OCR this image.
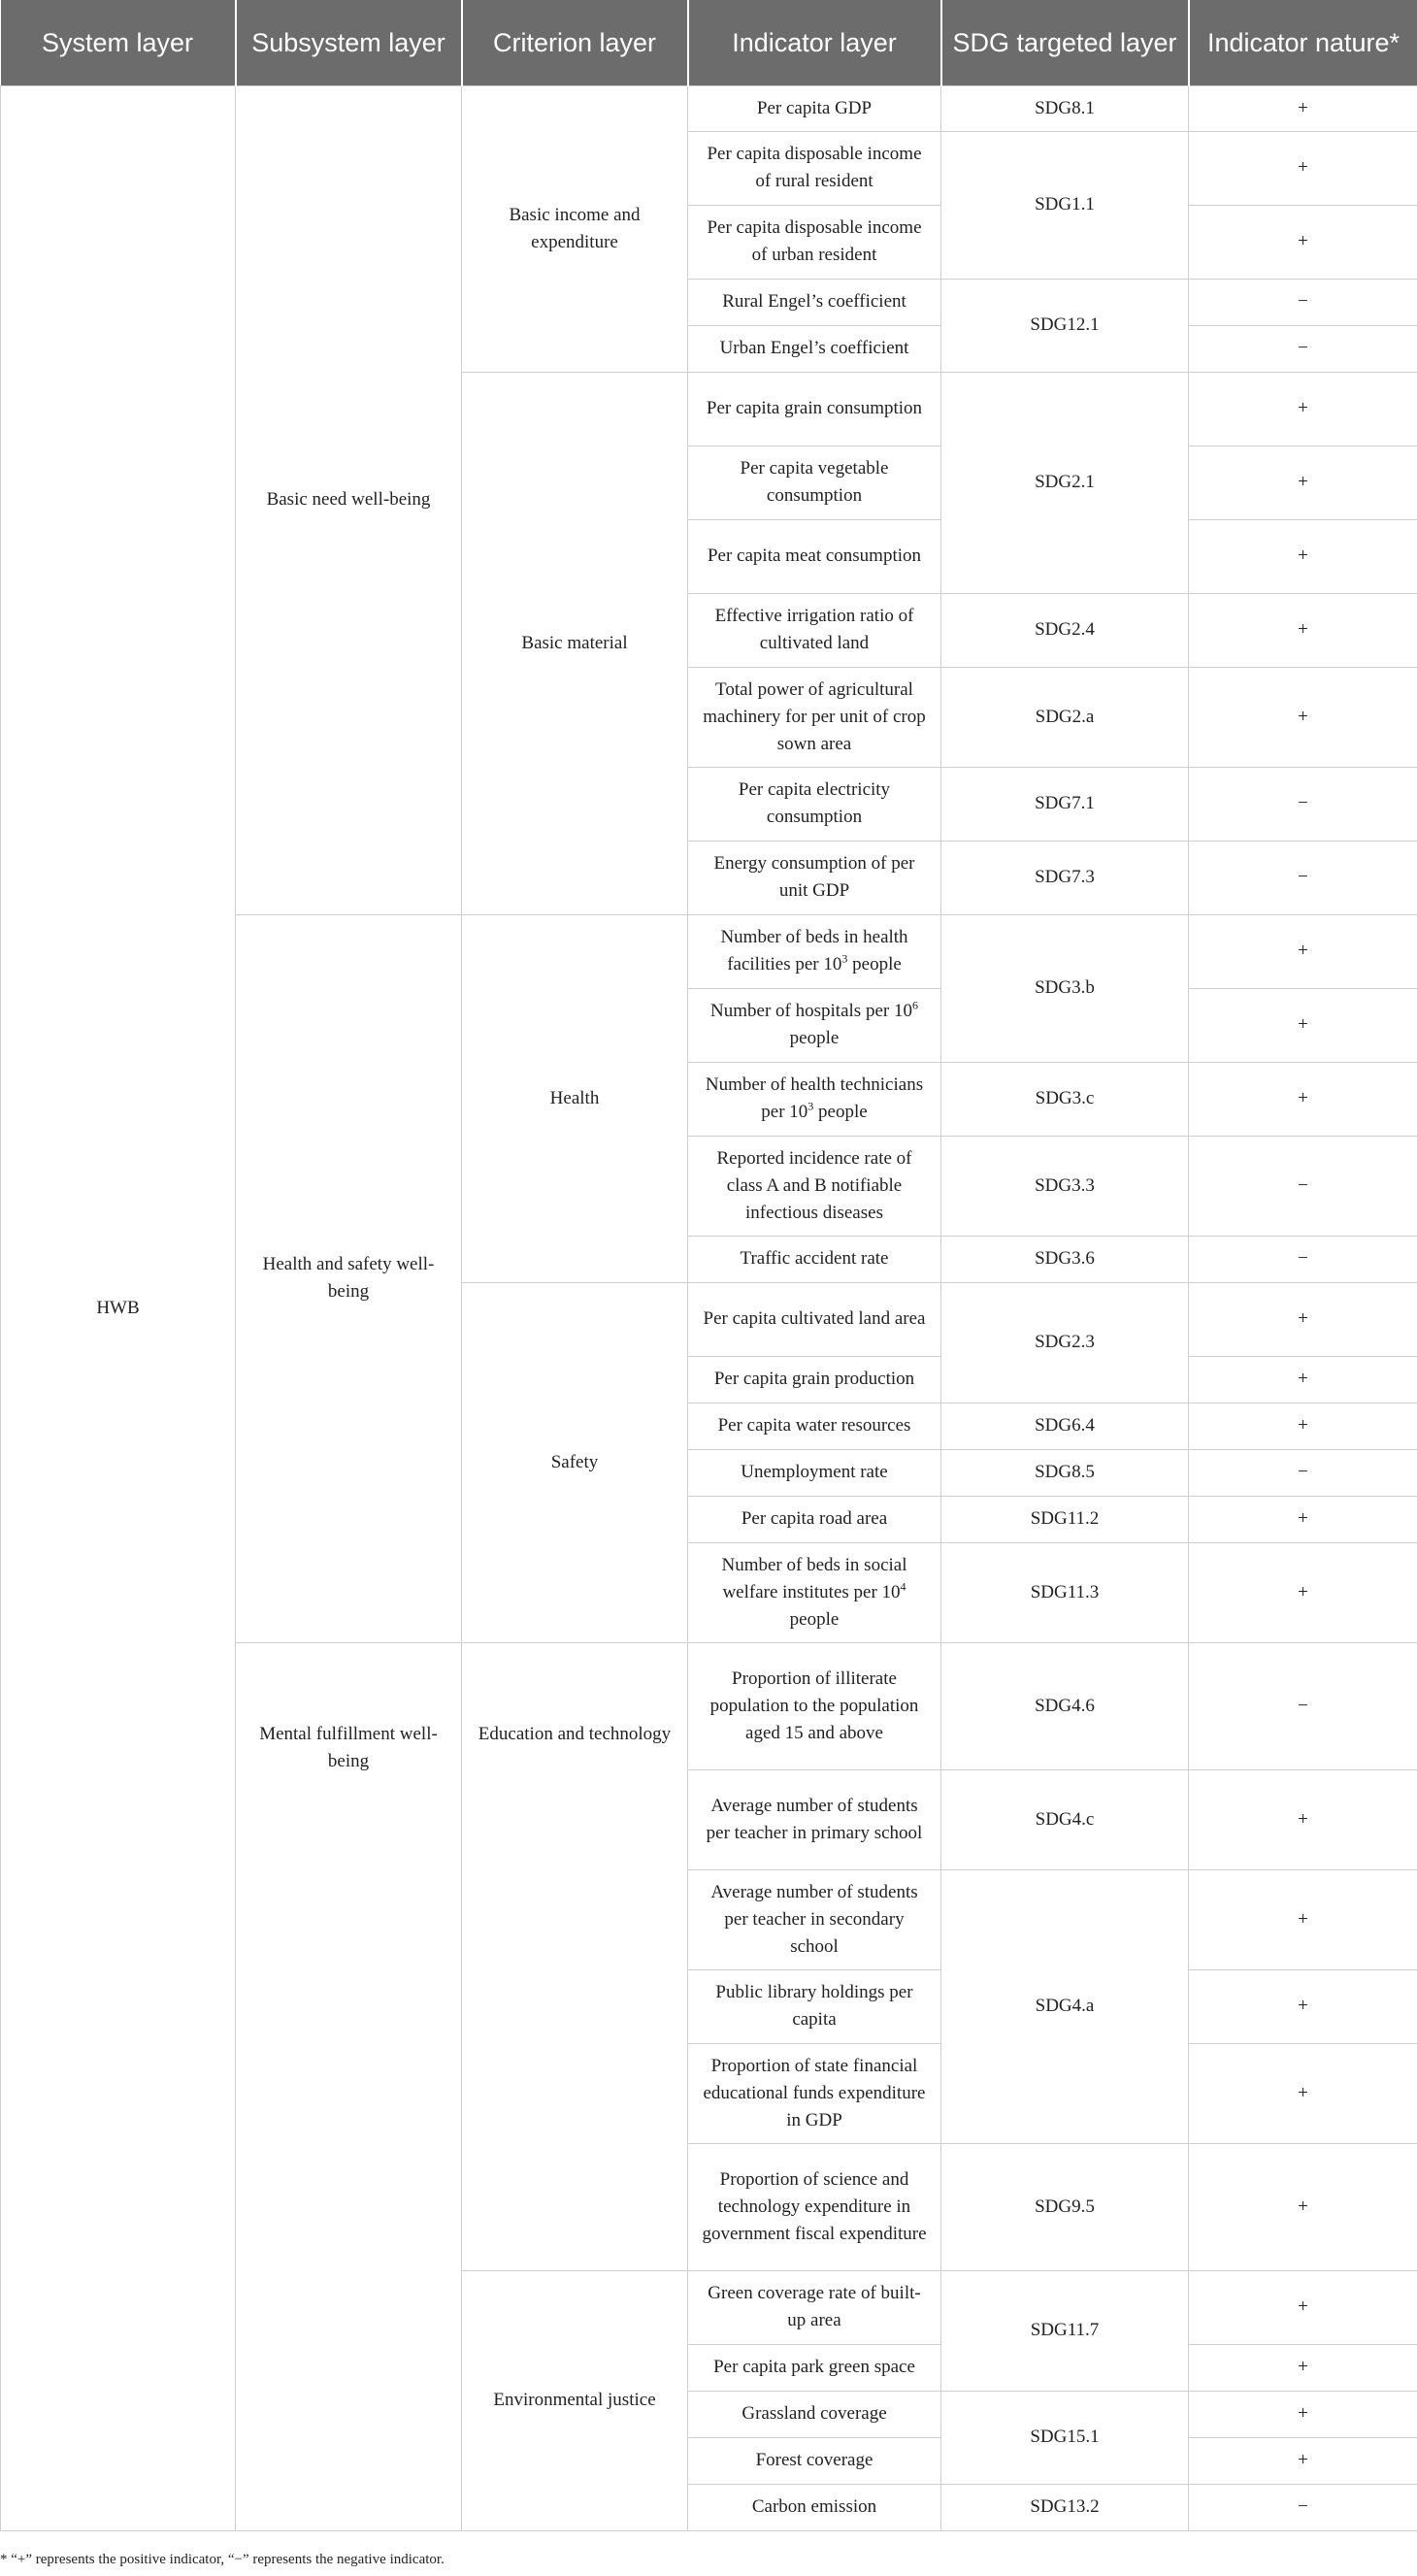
System layer	Subsystem layer	Criterion layer	Indicator layer	SDG targeted layer	Indicator nature*
HWB	Basic need well-being	Basic income and expenditure	Per capita GDP	SDG8.1	+
			Per capita disposable income of rural resident	SDG1.1	+
			Per capita disposable income of urban resident		+
			Rural Engel’s coefficient	SDG12.1	−
			Urban Engel’s coefficient		−
		Basic material	Per capita grain consumption	SDG2.1	+
			Per capita vegetable consumption		+
			Per capita meat consumption		+
			Effective irrigation ratio of cultivated land	SDG2.4	+
			Total power of agricultural machinery for per unit of crop sown area	SDG2.a	+
			Per capita electricity consumption	SDG7.1	−
			Energy consumption of per unit GDP	SDG7.3	−
	Health and safety well-being	Health	Number of beds in health facilities per $10^3$ people	SDG3.b	+
			Number of hospitals per $10^6$ people		+
			Number of health technicians per $10^3$ people	SDG3.c	+
			Reported incidence rate of class A and B notifiable infectious diseases	SDG3.3	−
			Traffic accident rate	SDG3.6	−
		Safety	Per capita cultivated land area	SDG2.3	+
			Per capita grain production		+
			Per capita water resources	SDG6.4	+
			Unemployment rate	SDG8.5	−
			Per capita road area	SDG11.2	+
			Number of beds in social welfare institutes per $10^4$ people	SDG11.3	+
	Mental fulfillment well-being	Education and technology	Proportion of illiterate population to the population aged 15 and above	SDG4.6	−
			Average number of students per teacher in primary school	SDG4.c	+
			Average number of students per teacher in secondary school	SDG4.a	+
			Public library holdings per capita		+
			Proportion of state financial educational funds expenditure in GDP		+
			Proportion of science and technology expenditure in government fiscal expenditure	SDG9.5	+
		Environmental justice	Green coverage rate of built-up area	SDG11.7	+
			Per capita park green space		+
			Grassland coverage	SDG15.1	+
			Forest coverage		+
			Carbon emission	SDG13.2	−
* “+” represents the positive indicator, “−” represents the negative indicator.
